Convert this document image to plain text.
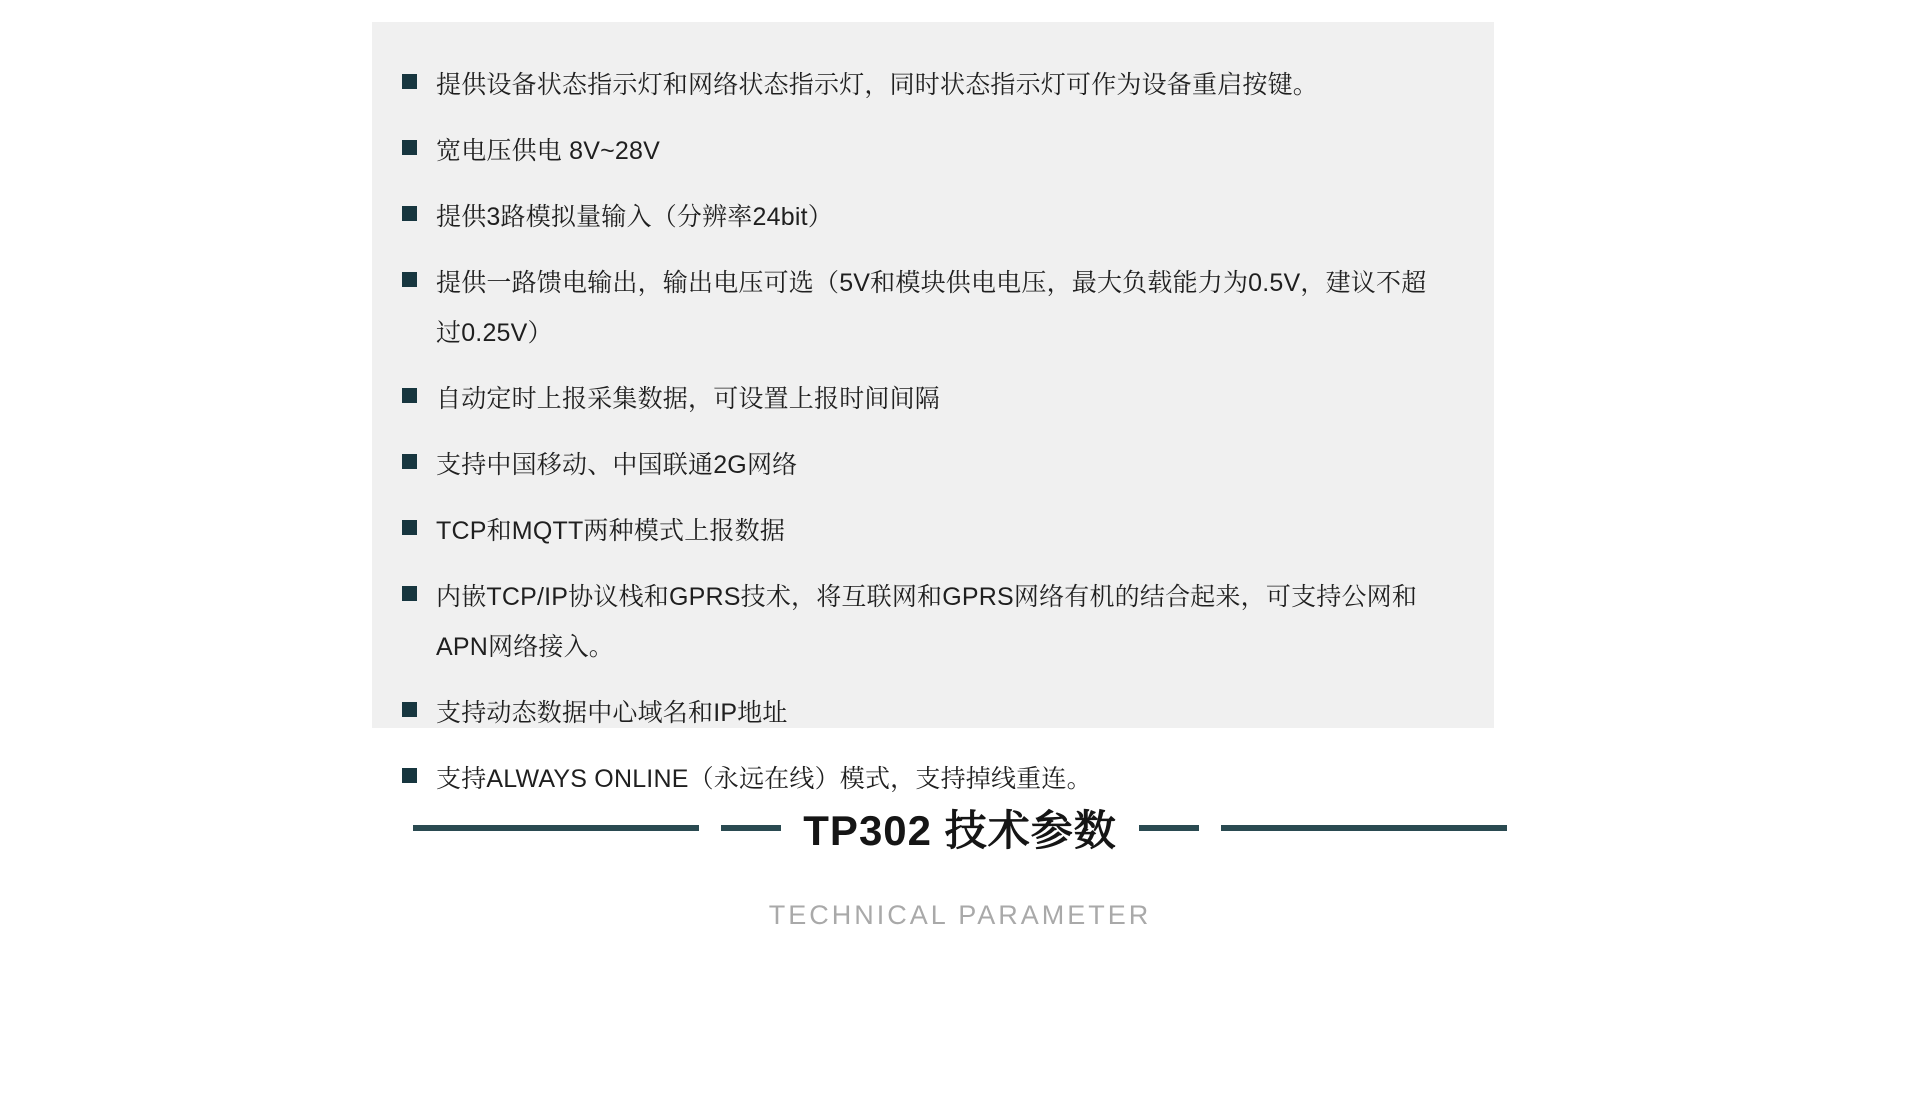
提供设备状态指示灯和网络状态指示灯，同时状态指示灯可作为设备重启按键。
宽电压供电 8V~28V
提供3路模拟量输入（分辨率24bit）
提供一路馈电输出，输出电压可选（5V和模块供电电压，最大负载能力为0.5V，建议不超过0.25V）
自动定时上报采集数据，可设置上报时间间隔
支持中国移动、中国联通2G网络
TCP和MQTT两种模式上报数据
内嵌TCP/IP协议栈和GPRS技术，将互联网和GPRS网络有机的结合起来，可支持公网和APN网络接入。
支持动态数据中心域名和IP地址
支持ALWAYS ONLINE（永远在线）模式，支持掉线重连。
TP302 技术参数
TECHNICAL PARAMETER
